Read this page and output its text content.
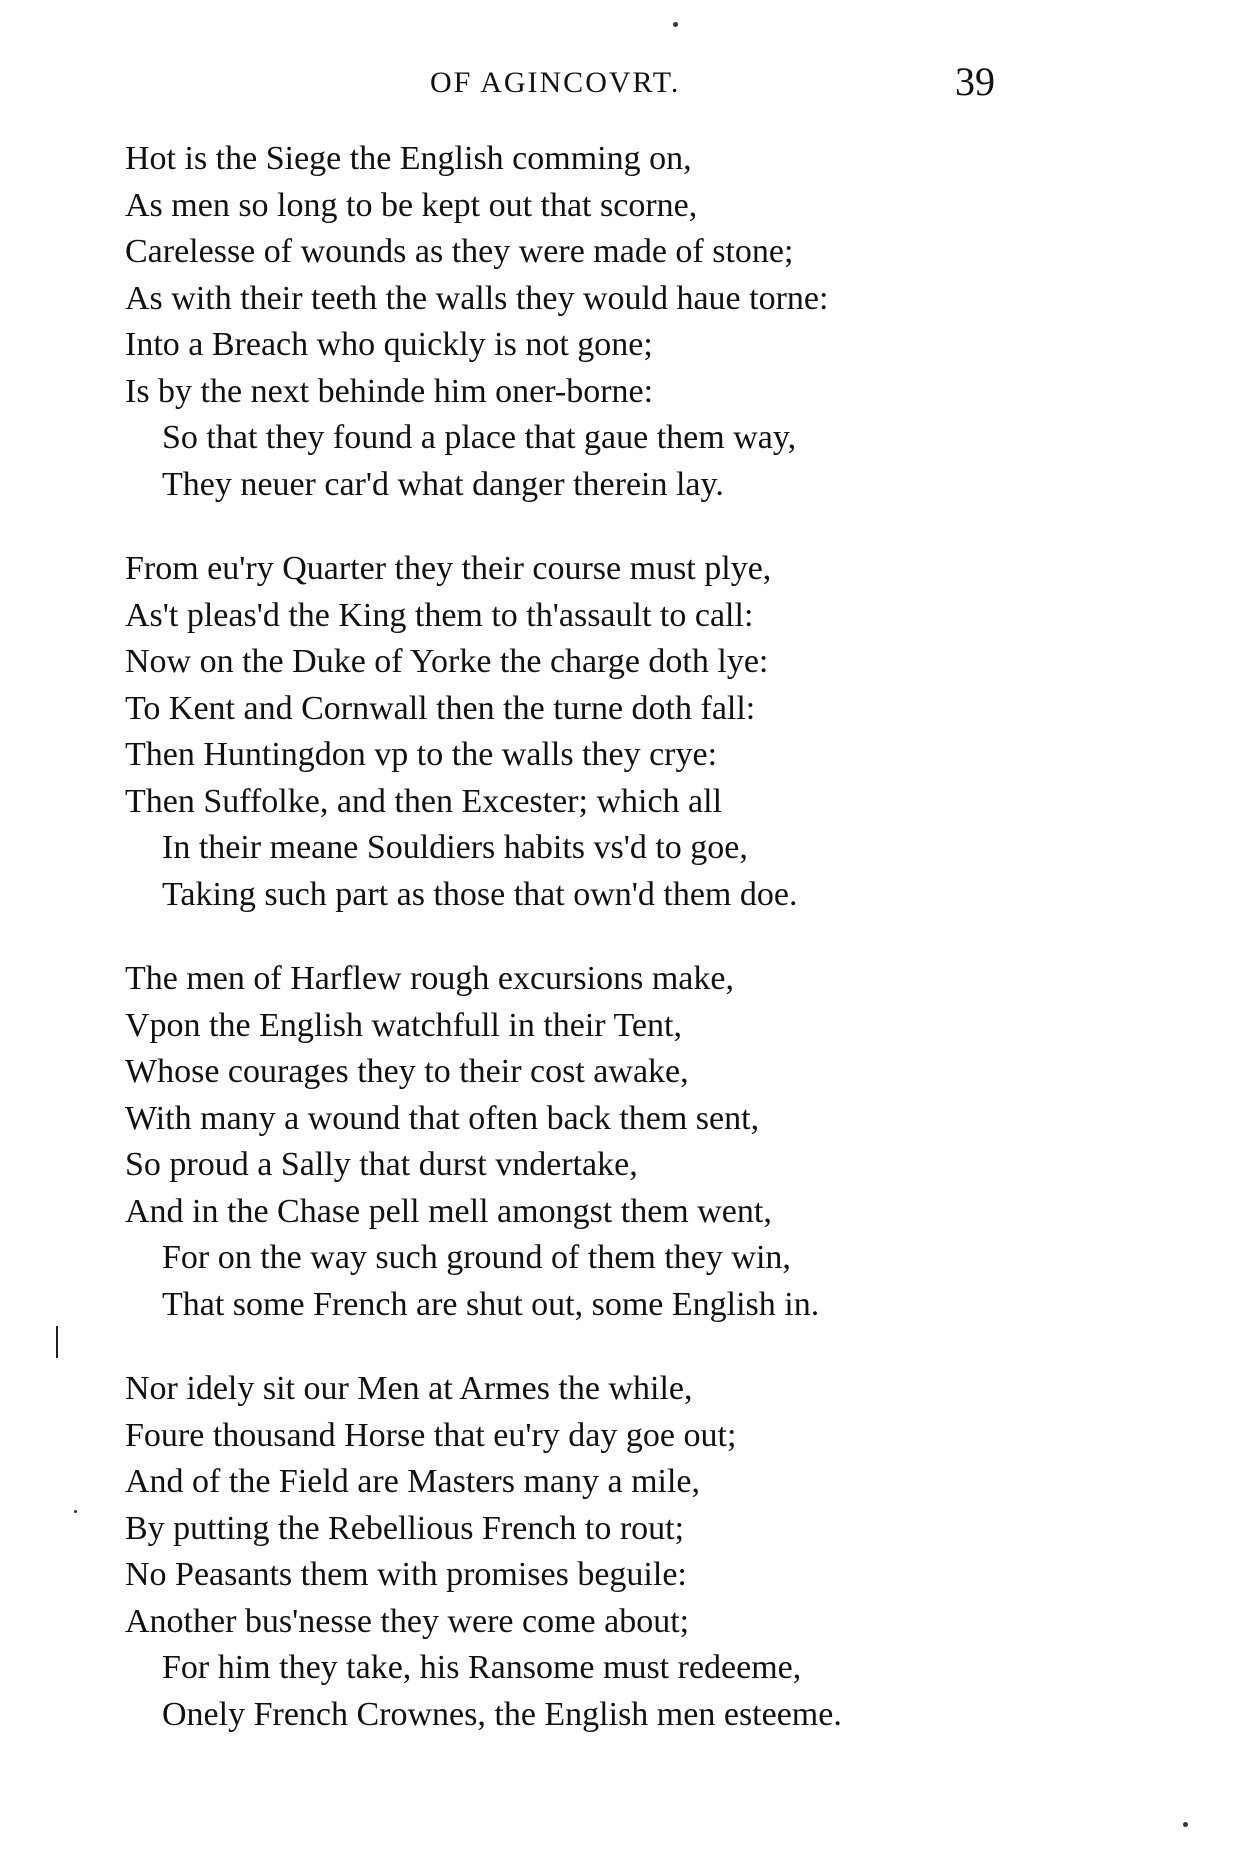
OF AGINCOVRT.	39
Hot is the Siege the English comming on,
As men so long to be kept out that scorne,
Carelesse of wounds as they were made of stone;
As with their teeth the walls they would haue torne:
Into a Breach who quickly is not gone;
Is by the next behinde him oner-borne:
So that they found a place that gaue them way,
They neuer car'd what danger therein lay.
From eu'ry Quarter they their course must plye,
As't pleas'd the King them to th'assault to call:
Now on the Duke of Yorke the charge doth lye:
To Kent and Cornwall then the turne doth fall:
Then Huntingdon vp to the walls they crye:
Then Suffolke, and then Excester; which all
In their meane Souldiers habits vs'd to goe,
Taking such part as those that own'd them doe.
The men of Harflew rough excursions make,
Vpon the English watchfull in their Tent,
Whose courages they to their cost awake,
With many a wound that often back them sent,
So proud a Sally that durst vndertake,
And in the Chase pell mell amongst them went,
For on the way such ground of them they win,
That some French are shut out, some English in.
Nor idely sit our Men at Armes the while,
Foure thousand Horse that eu'ry day goe out;
And of the Field are Masters many a mile,
By putting the Rebellious French to rout;
No Peasants them with promises beguile:
Another bus'nesse they were come about;
For him they take, his Ransome must redeeme,
Onely French Crownes, the English men esteeme.
